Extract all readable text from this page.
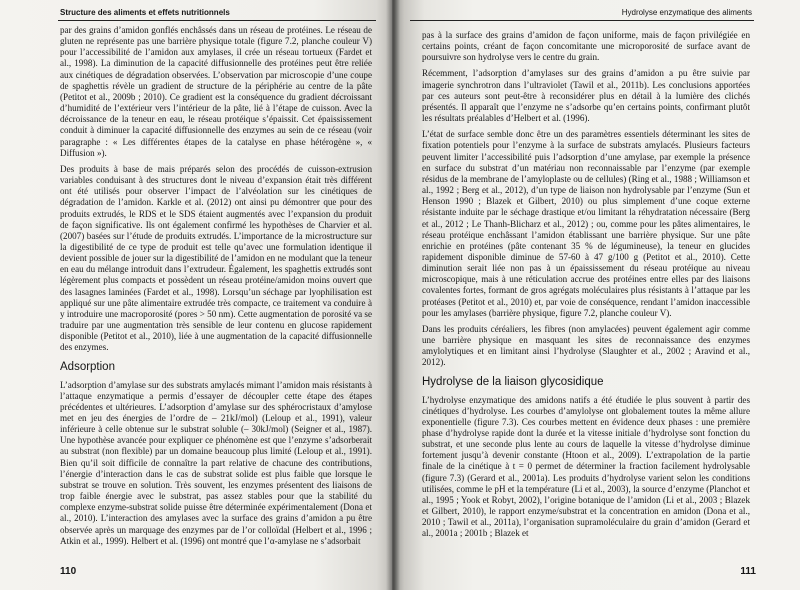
Structure des aliments et effets nutritionnels

par des grains d’amidon gonflés enchâssés dans un réseau de protéines. Le réseau de gluten ne représente pas une barrière physique totale (figure 7.2, planche couleur V) pour l’accessibilité de l’amidon aux amylases, il crée un réseau tortueux (Fardet et al., 1998). La diminution de la capacité diffusionnelle des protéines peut être reliée aux cinétiques de dégradation observées. L’observation par microscopie d’une coupe de spaghettis révèle un gradient de structure de la périphérie au centre de la pâte (Petitot et al., 2009b ; 2010). Ce gradient est la conséquence du gradient décroissant d’humidité de l’extérieur vers l’intérieur de la pâte, lié à l’étape de cuisson. Avec la décroissance de la teneur en eau, le réseau protéique s’épaissit. Cet épaississement conduit à diminuer la capacité diffusionnelle des enzymes au sein de ce réseau (voir paragraphe : « Les différentes étapes de la catalyse en phase hétérogène », « Diffusion »).

Des produits à base de mais préparés selon des procédés de cuisson-extrusion variables conduisant à des structures dont le niveau d’expansion était très différent ont été utilisés pour observer l’impact de l’alvéolation sur les cinétiques de dégradation de l’amidon. Karkle et al. (2012) ont ainsi pu démontrer que pour des produits extrudés, le RDS et le SDS étaient augmentés avec l’expansion du produit de façon significative. Ils ont également confirmé les hypothèses de Charvier et al. (2007) basées sur l’étude de produits extrudés. L’importance de la microstructure sur la digestibilité de ce type de produit est telle qu’avec une formulation identique il devient possible de jouer sur la digestibilité de l’amidon en ne modulant que la teneur en eau du mélange introduit dans l’extrudeur. Également, les spaghettis extrudés sont légèrement plus compacts et possèdent un réseau protéine/amidon moins ouvert que des lasagnes laminées (Fardet et al., 1998). Lorsqu’un séchage par lyophilisation est appliqué sur une pâte alimentaire extrudée très compacte, ce traitement va conduire à y introduire une macroporosité (pores > 50 nm). Cette augmentation de porosité va se traduire par une augmentation très sensible de leur contenu en glucose rapidement disponible (Petitot et al., 2010), liée à une augmentation de la capacité diffusionnelle des enzymes.

Adsorption

L’adsorption d’amylase sur des substrats amylacés mimant l’amidon mais résistants à l’attaque enzymatique a permis d’essayer de découpler cette étape des étapes précédentes et ultérieures. L’adsorption d’amylase sur des sphérocristaux d’amylose met en jeu des énergies de l’ordre de – 21kJ/mol) (Leloup et al., 1991), valeur inférieure à celle obtenue sur le substrat soluble (– 30kJ/mol) (Seigner et al., 1987). Une hypothèse avancée pour expliquer ce phénomène est que l’enzyme s’adsorberait au substrat (non flexible) par un domaine beaucoup plus limité (Leloup et al., 1991). Bien qu’il soit difficile de connaître la part relative de chacune des contributions, l’énergie d’interaction dans le cas de substrat solide est plus faible que lorsque le substrat se trouve en solution. Très souvent, les enzymes présentent des liaisons de trop faible énergie avec le substrat, pas assez stables pour que la stabilité du complexe enzyme-substrat solide puisse être déterminée expérimentalement (Dona et al., 2010). L’interaction des amylases avec la surface des grains d’amidon a pu être observée après un marquage des enzymes par de l’or colloïdal (Helbert et al., 1996 ; Atkin et al., 1999). Helbert et al. (1996) ont montré que l’α-amylase ne s’adsorbait

110
Hydrolyse enzymatique des aliments

pas à la surface des grains d’amidon de façon uniforme, mais de façon privilégiée en certains points, créant de façon concomitante une microporosité de surface avant de poursuivre son hydrolyse vers le centre du grain.

Récemment, l’adsorption d’amylases sur des grains d’amidon a pu être suivie par imagerie synchrotron dans l’ultraviolet (Tawil et al., 2011b). Les conclusions apportées par ces auteurs sont peut-être à reconsidérer plus en détail à la lumière des clichés présentés. Il apparaît que l’enzyme ne s’adsorbe qu’en certains points, confirmant plutôt les résultats préalables d’Helbert et al. (1996).

L’état de surface semble donc être un des paramètres essentiels déterminant les sites de fixation potentiels pour l’enzyme à la surface de substrats amylacés. Plusieurs facteurs peuvent limiter l’accessibilité puis l’adsorption d’une amylase, par exemple la présence en surface du substrat d’un matériau non reconnaissable par l’enzyme (par exemple résidus de la membrane de l’amyloplaste ou de cellules) (Ring et al., 1988 ; Williamson et al., 1992 ; Berg et al., 2012), d’un type de liaison non hydrolysable par l’enzyme (Sun et Henson 1990 ; Blazek et Gilbert, 2010) ou plus simplement d’une coque externe résistante induite par le séchage drastique et/ou limitant la réhydratation nécessaire (Berg et al., 2012 ; Le Thanh-Blicharz et al., 2012) ; ou, comme pour les pâtes alimentaires, le réseau protéique enchâssant l’amidon établissant une barrière physique. Sur une pâte enrichie en protéines (pâte contenant 35 % de légumineuse), la teneur en glucides rapidement disponible diminue de 57-60 à 47 g/100 g (Petitot et al., 2010). Cette diminution serait liée non pas à un épaississement du réseau protéique au niveau microscopique, mais à une réticulation accrue des protéines entre elles par des liaisons covalentes fortes, formant de gros agrégats moléculaires plus résistants à l’attaque par les protéases (Petitot et al., 2010) et, par voie de conséquence, rendant l’amidon inaccessible pour les amylases (barrière physique, figure 7.2, planche couleur V).

Dans les produits céréaliers, les fibres (non amylacées) peuvent également agir comme une barrière physique en masquant les sites de reconnaissance des enzymes amylolytiques et en limitant ainsi l’hydrolyse (Slaughter et al., 2002 ; Aravind et al., 2012).

Hydrolyse de la liaison glycosidique

L’hydrolyse enzymatique des amidons natifs a été étudiée le plus souvent à partir des cinétiques d’hydrolyse. Les courbes d’amylolyse ont globalement toutes la même allure exponentielle (figure 7.3). Ces courbes mettent en évidence deux phases : une première phase d’hydrolyse rapide dont la durée et la vitesse initiale d’hydrolyse sont fonction du substrat, et une seconde plus lente au cours de laquelle la vitesse d’hydrolyse diminue fortement jusqu’à devenir constante (Htoon et al., 2009). L’extrapolation de la partie finale de la cinétique à t = 0 permet de déterminer la fraction facilement hydrolysable (figure 7.3) (Gerard et al., 2001a). Les produits d’hydrolyse varient selon les conditions utilisées, comme le pH et la température (Li et al., 2003), la source d’enzyme (Planchot et al., 1995 ; Yook et Robyt, 2002), l’origine botanique de l’amidon (Li et al., 2003 ; Blazek et Gilbert, 2010), le rapport enzyme/substrat et la concentration en amidon (Dona et al., 2010 ; Tawil et al., 2011a), l’organisation supramoléculaire du grain d’amidon (Gerard et al., 2001a ; 2001b ; Blazek et

111
